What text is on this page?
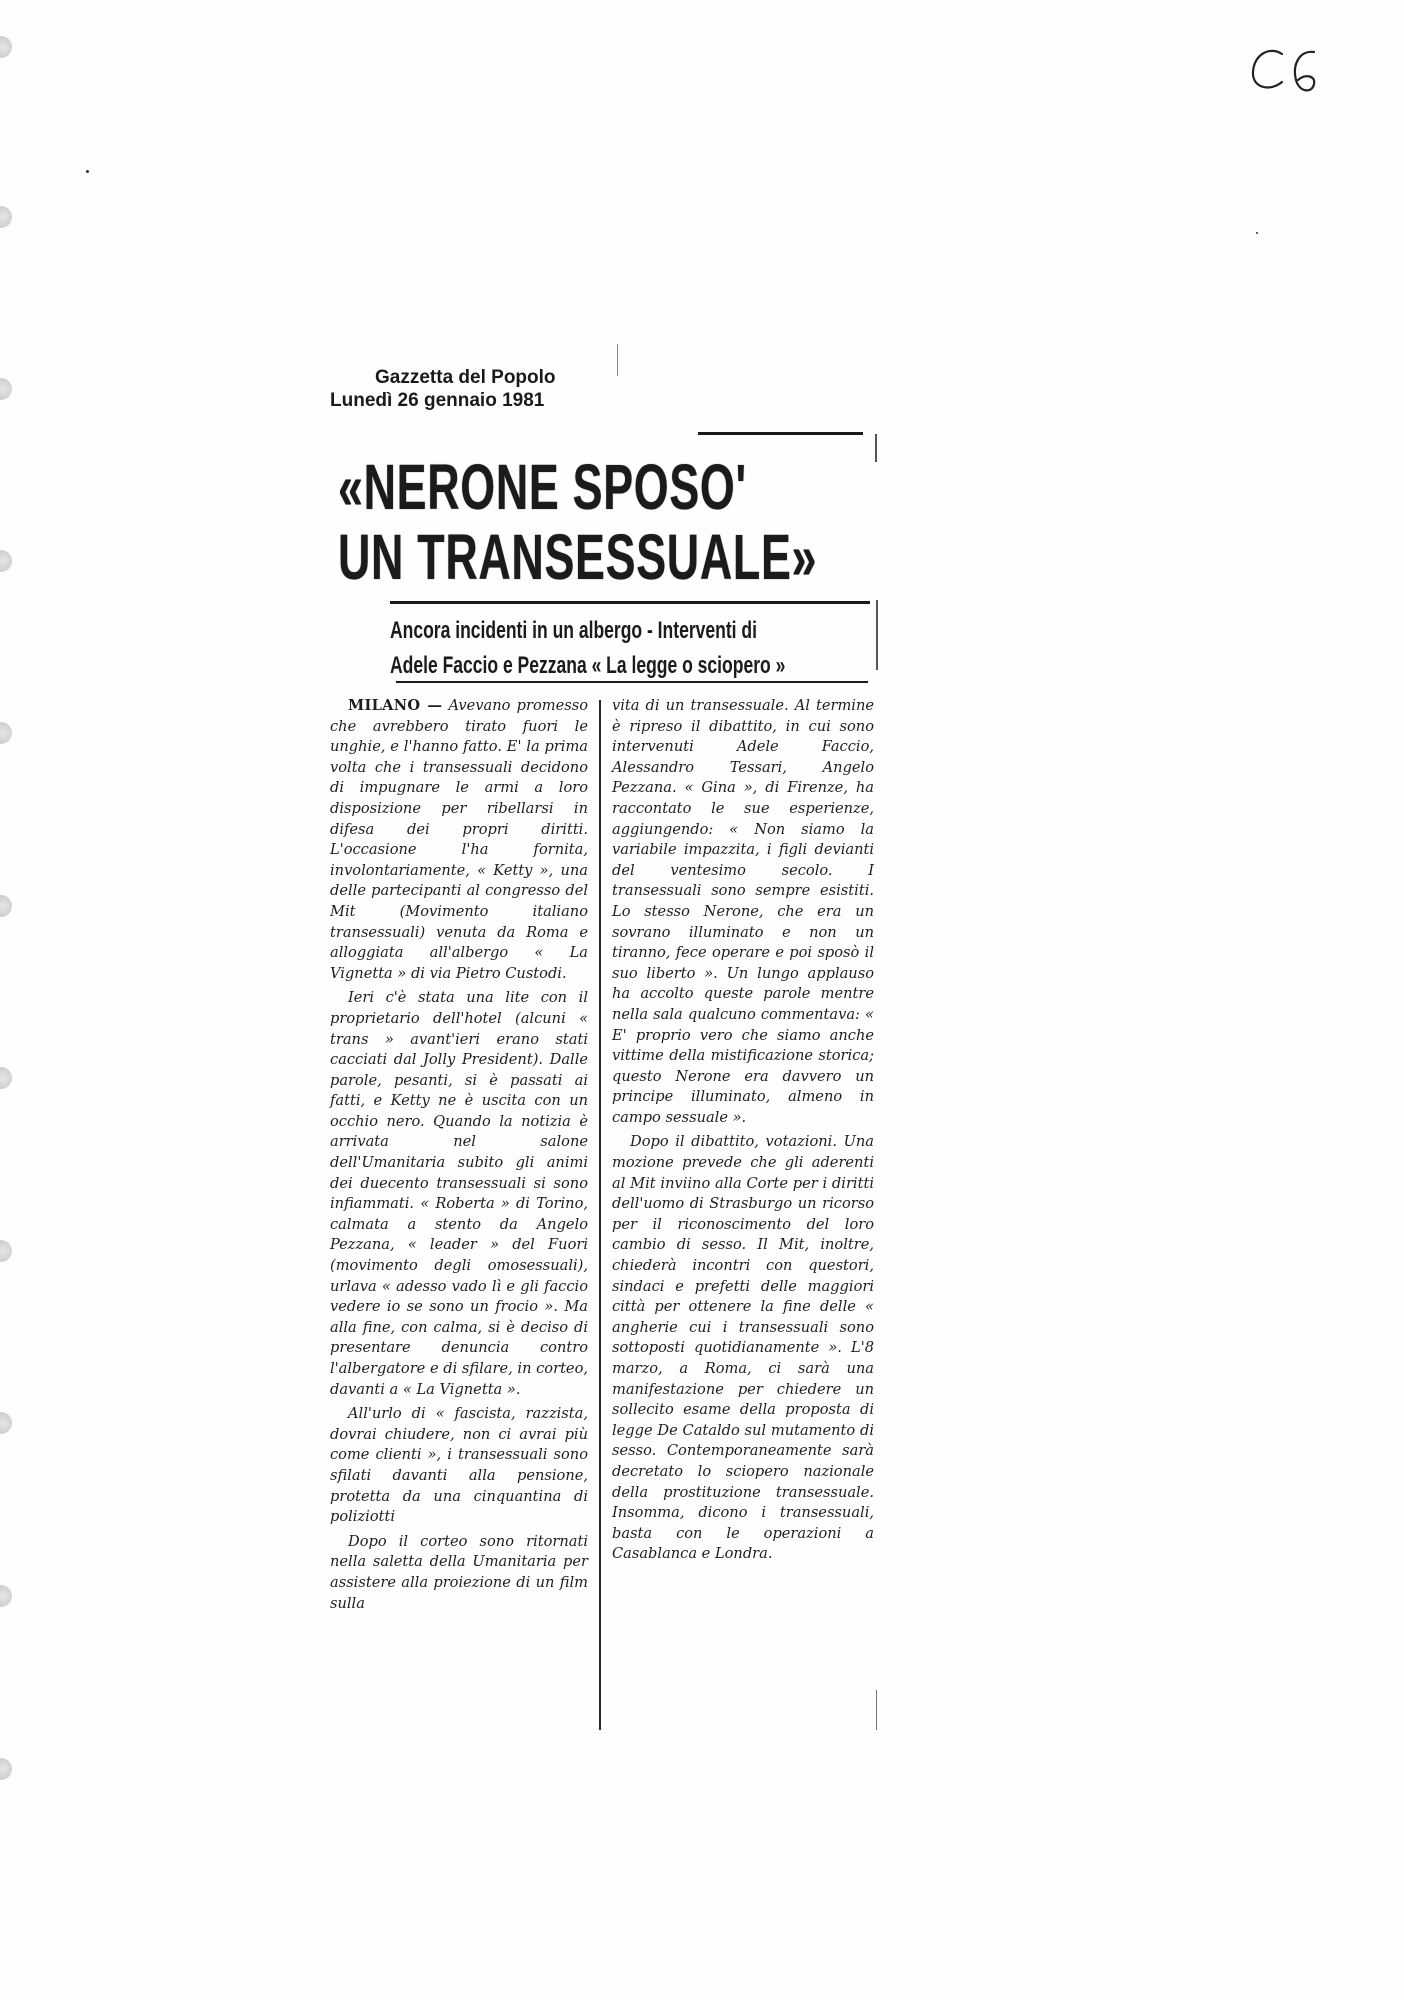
Gazzetta del Popolo
Lunedì 26 gennaio 1981
«NERONE SPOSO'
UN TRANSESSUALE»
Ancora incidenti in un albergo - Interventi di
Adele Faccio e Pezzana « La legge o sciopero »

MILANO — Avevano promesso che avrebbero tirato fuori le unghie, e l'hanno fatto. E' la prima volta che i transessuali decidono di impugnare le armi a loro disposizione per ribellarsi in difesa dei propri diritti. L'occasione l'ha fornita, involontariamente, « Ketty », una delle partecipanti al congresso del Mit (Movimento italiano transessuali) venuta da Roma e alloggiata all'albergo « La Vignetta » di via Pietro Custodi.

Ieri c'è stata una lite con il proprietario dell'hotel (alcuni « trans » avant'ieri erano stati cacciati dal Jolly President). Dalle parole, pesanti, si è passati ai fatti, e Ketty ne è uscita con un occhio nero. Quando la notizia è arrivata nel salone dell'Umanitaria subito gli animi dei duecento transessuali si sono infiammati. « Roberta » di Torino, calmata a stento da Angelo Pezzana, « leader » del Fuori (movimento degli omosessuali), urlava « adesso vado lì e gli faccio vedere io se sono un frocio ». Ma alla fine, con calma, si è deciso di presentare denuncia contro l'albergatore e di sfilare, in corteo, davanti a « La Vignetta ».

All'urlo di « fascista, razzista, dovrai chiudere, non ci avrai più come clienti », i transessuali sono sfilati davanti alla pensione, protetta da una cinquantina di poliziotti

Dopo il corteo sono ritornati nella saletta della Umanitaria per assistere alla proiezione di un film sulla

vita di un transessuale. Al termine è ripreso il dibattito, in cui sono intervenuti Adele Faccio, Alessandro Tessari, Angelo Pezzana. « Gina », di Firenze, ha raccontato le sue esperienze, aggiungendo: « Non siamo la variabile impazzita, i figli devianti del ventesimo secolo. I transessuali sono sempre esistiti. Lo stesso Nerone, che era un sovrano illuminato e non un tiranno, fece operare e poi sposò il suo liberto ». Un lungo applauso ha accolto queste parole mentre nella sala qualcuno commentava: « E' proprio vero che siamo anche vittime della mistificazione storica; questo Nerone era davvero un principe illuminato, almeno in campo sessuale ».

Dopo il dibattito, votazioni. Una mozione prevede che gli aderenti al Mit inviino alla Corte per i diritti dell'uomo di Strasburgo un ricorso per il riconoscimento del loro cambio di sesso. Il Mit, inoltre, chiederà incontri con questori, sindaci e prefetti delle maggiori città per ottenere la fine delle « angherie cui i transessuali sono sottoposti quotidianamente ». L'8 marzo, a Roma, ci sarà una manifestazione per chiedere un sollecito esame della proposta di legge De Cataldo sul mutamento di sesso. Contemporaneamente sarà decretato lo sciopero nazionale della prostituzione transessuale. Insomma, dicono i transessuali, basta con le operazioni a Casablanca e Londra.
